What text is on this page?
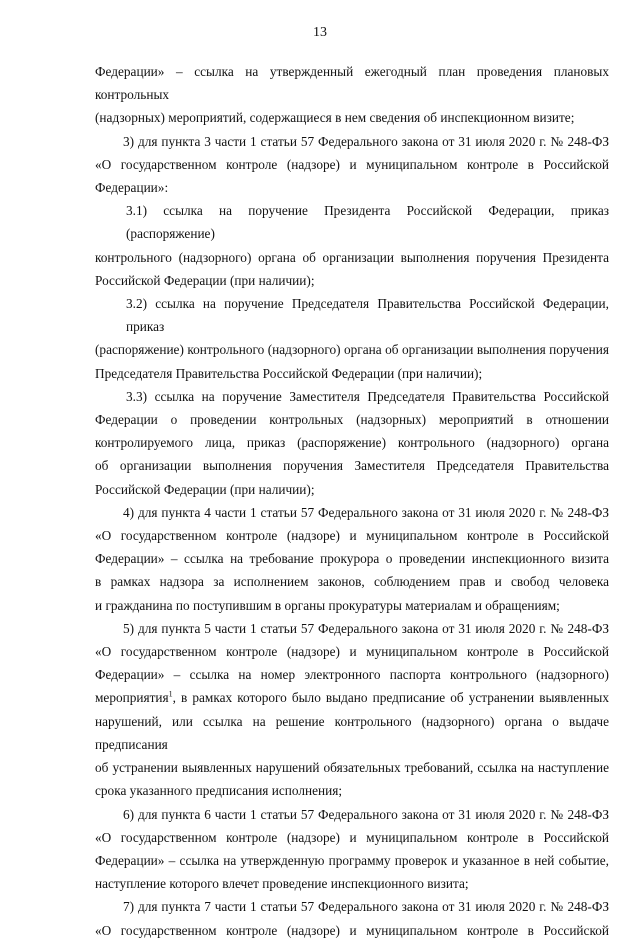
13
Федерации» – ссылка на утвержденный ежегодный план проведения плановых контрольных
(надзорных) мероприятий, содержащиеся в нем сведения об инспекционном визите;
3) для пункта 3 части 1 статьи 57 Федерального закона от 31 июля 2020 г. № 248-ФЗ
«О государственном контроле (надзоре) и муниципальном контроле в Российской
Федерации»:
3.1) ссылка на поручение Президента Российской Федерации, приказ (распоряжение)
контрольного (надзорного) органа об организации выполнения поручения Президента
Российской Федерации (при наличии);
3.2) ссылка на поручение Председателя Правительства Российской Федерации, приказ
(распоряжение) контрольного (надзорного) органа об организации выполнения поручения
Председателя Правительства Российской Федерации (при наличии);
3.3) ссылка на поручение Заместителя Председателя Правительства Российской
Федерации о проведении контрольных (надзорных) мероприятий в отношении
контролируемого лица, приказ (распоряжение) контрольного (надзорного) органа
об организации выполнения поручения Заместителя Председателя Правительства
Российской Федерации (при наличии);
4) для пункта 4 части 1 статьи 57 Федерального закона от 31 июля 2020 г. № 248-ФЗ
«О государственном контроле (надзоре) и муниципальном контроле в Российской
Федерации» – ссылка на требование прокурора о проведении инспекционного визита
в рамках надзора за исполнением законов, соблюдением прав и свобод человека
и гражданина по поступившим в органы прокуратуры материалам и обращениям;
5) для пункта 5 части 1 статьи 57 Федерального закона от 31 июля 2020 г. № 248-ФЗ
«О государственном контроле (надзоре) и муниципальном контроле в Российской
Федерации» – ссылка на номер электронного паспорта контрольного (надзорного)
мероприятия$^1$, в рамках которого было выдано предписание об устранении выявленных
нарушений, или ссылка на решение контрольного (надзорного) органа о выдаче предписания
об устранении выявленных нарушений обязательных требований, ссылка на наступление
срока указанного предписания исполнения;
6) для пункта 6 части 1 статьи 57 Федерального закона от 31 июля 2020 г. № 248-ФЗ
«О государственном контроле (надзоре) и муниципальном контроле в Российской
Федерации» – ссылка на утвержденную программу проверок и указанное в ней событие,
наступление которого влечет проведение инспекционного визита;
7) для пункта 7 части 1 статьи 57 Федерального закона от 31 июля 2020 г. № 248-ФЗ
«О государственном контроле (надзоре) и муниципальном контроле в Российской
